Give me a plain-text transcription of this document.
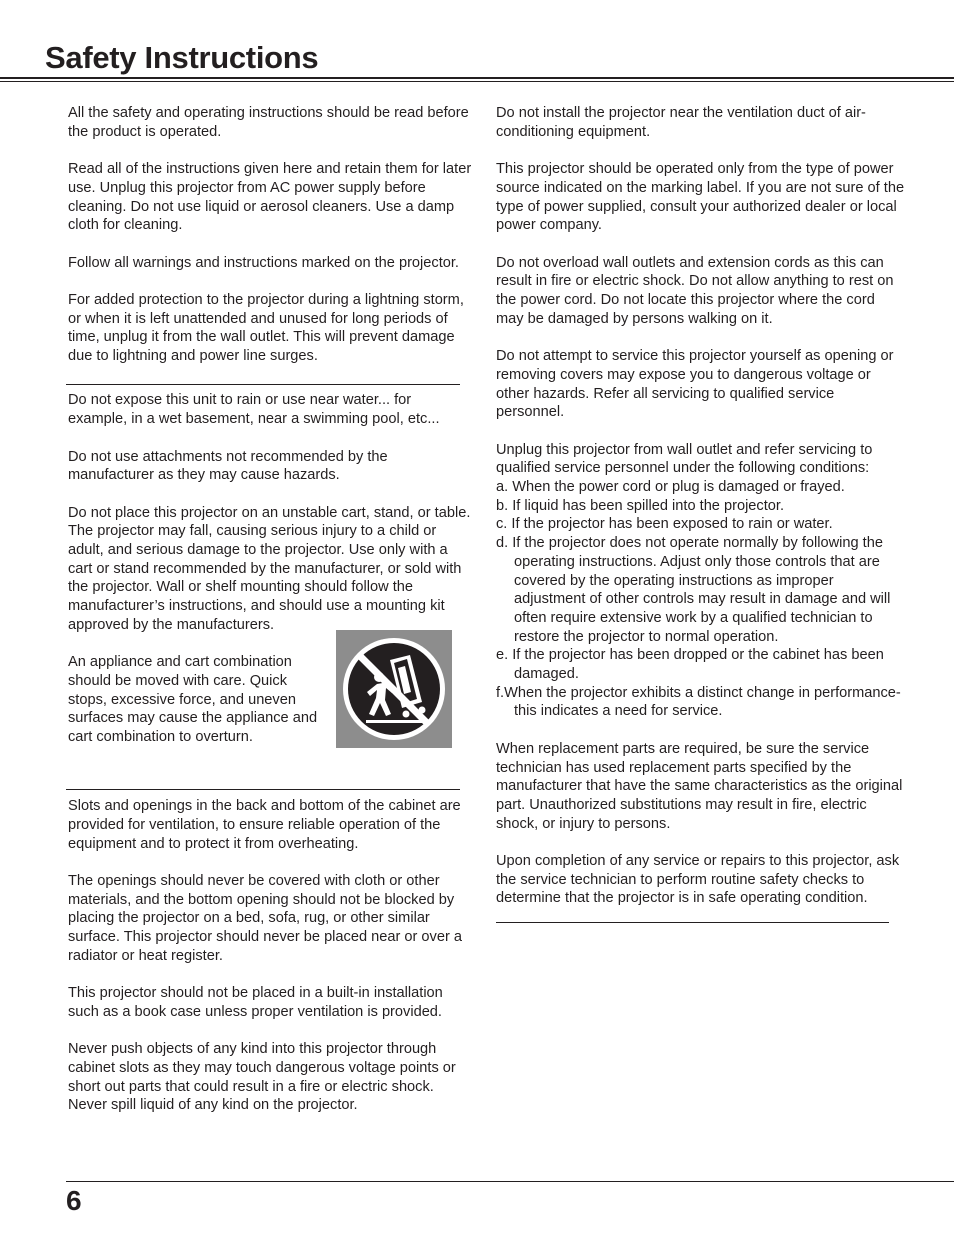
Safety Instructions

All the safety and operating instructions should be read before the product is operated.

Read all of the instructions given here and retain them for later use. Unplug this projector from AC power supply before cleaning. Do not use liquid or aerosol cleaners. Use a damp cloth for cleaning.

Follow all warnings and instructions marked on the projector.

For added protection to the projector during a lightning storm, or when it is left unattended and unused for long periods of time, unplug it from the wall outlet. This will prevent damage due to lightning and power line surges.

Do not expose this unit to rain or use near water... for example, in a wet basement, near a swimming pool, etc...

Do not use attachments not recommended by the manufacturer as they may cause hazards.

Do not place this projector on an unstable cart, stand, or table. The projector may fall, causing serious injury to a child or adult, and serious damage to the projector. Use only with a cart or stand recommended by the manufacturer, or sold with the projector. Wall or shelf mounting should follow the manufacturer’s instructions, and should use a mounting kit approved by the manufacturers.

An appliance and cart combination should be moved with care. Quick stops, excessive force, and uneven surfaces may cause the appliance and cart combination to overturn.

Slots and openings in the back and bottom of the cabinet are provided for ventilation, to ensure reliable operation of the equipment and to protect it from overheating.

The openings should never be covered with cloth or other materials, and the bottom opening should not be blocked by placing the projector on a bed, sofa, rug, or other similar surface. This projector should never be placed near or over a radiator or heat register.

This projector should not be placed in a built-in installation such as a book case unless proper ventilation is provided.

Never push objects of any kind into this projector through cabinet slots as they may touch dangerous voltage points or short out parts that could result in a fire or electric shock. Never spill liquid of any kind on the projector.

Do not install the projector near the ventilation duct of air-conditioning equipment.

This projector should be operated only from the type of power source indicated on the marking label. If you are not sure of the type of power supplied, consult your authorized dealer or local power company.

Do not overload wall outlets and extension cords as this can result in fire or electric shock. Do not allow anything to rest on the power cord. Do not locate this projector where the cord may be damaged by persons walking on it.

Do not attempt to service this projector yourself as opening or removing covers may expose you to dangerous voltage or other hazards. Refer all servicing to qualified service personnel.

Unplug this projector from wall outlet and refer servicing to qualified service personnel under the following conditions:
a. When the power cord or plug is damaged or frayed.
b. If liquid has been spilled into the projector.
c. If the projector has been exposed to rain or water.
d. If the projector does not operate normally by following the operating instructions. Adjust only those controls that are covered by the operating instructions as improper adjustment of other controls may result in damage and will often require extensive work by a qualified technician to restore the projector to normal operation.
e. If the projector has been dropped or the cabinet has been damaged.
f.When the projector exhibits a distinct change in performance-this indicates a need for service.

When replacement parts are required, be sure the service technician has used replacement parts specified by the manufacturer that have the same characteristics as the original part. Unauthorized substitutions may result in fire, electric shock, or injury to persons.

Upon completion of any service or repairs to this projector, ask the service technician to perform routine safety checks to determine that the projector is in safe operating condition.

6
